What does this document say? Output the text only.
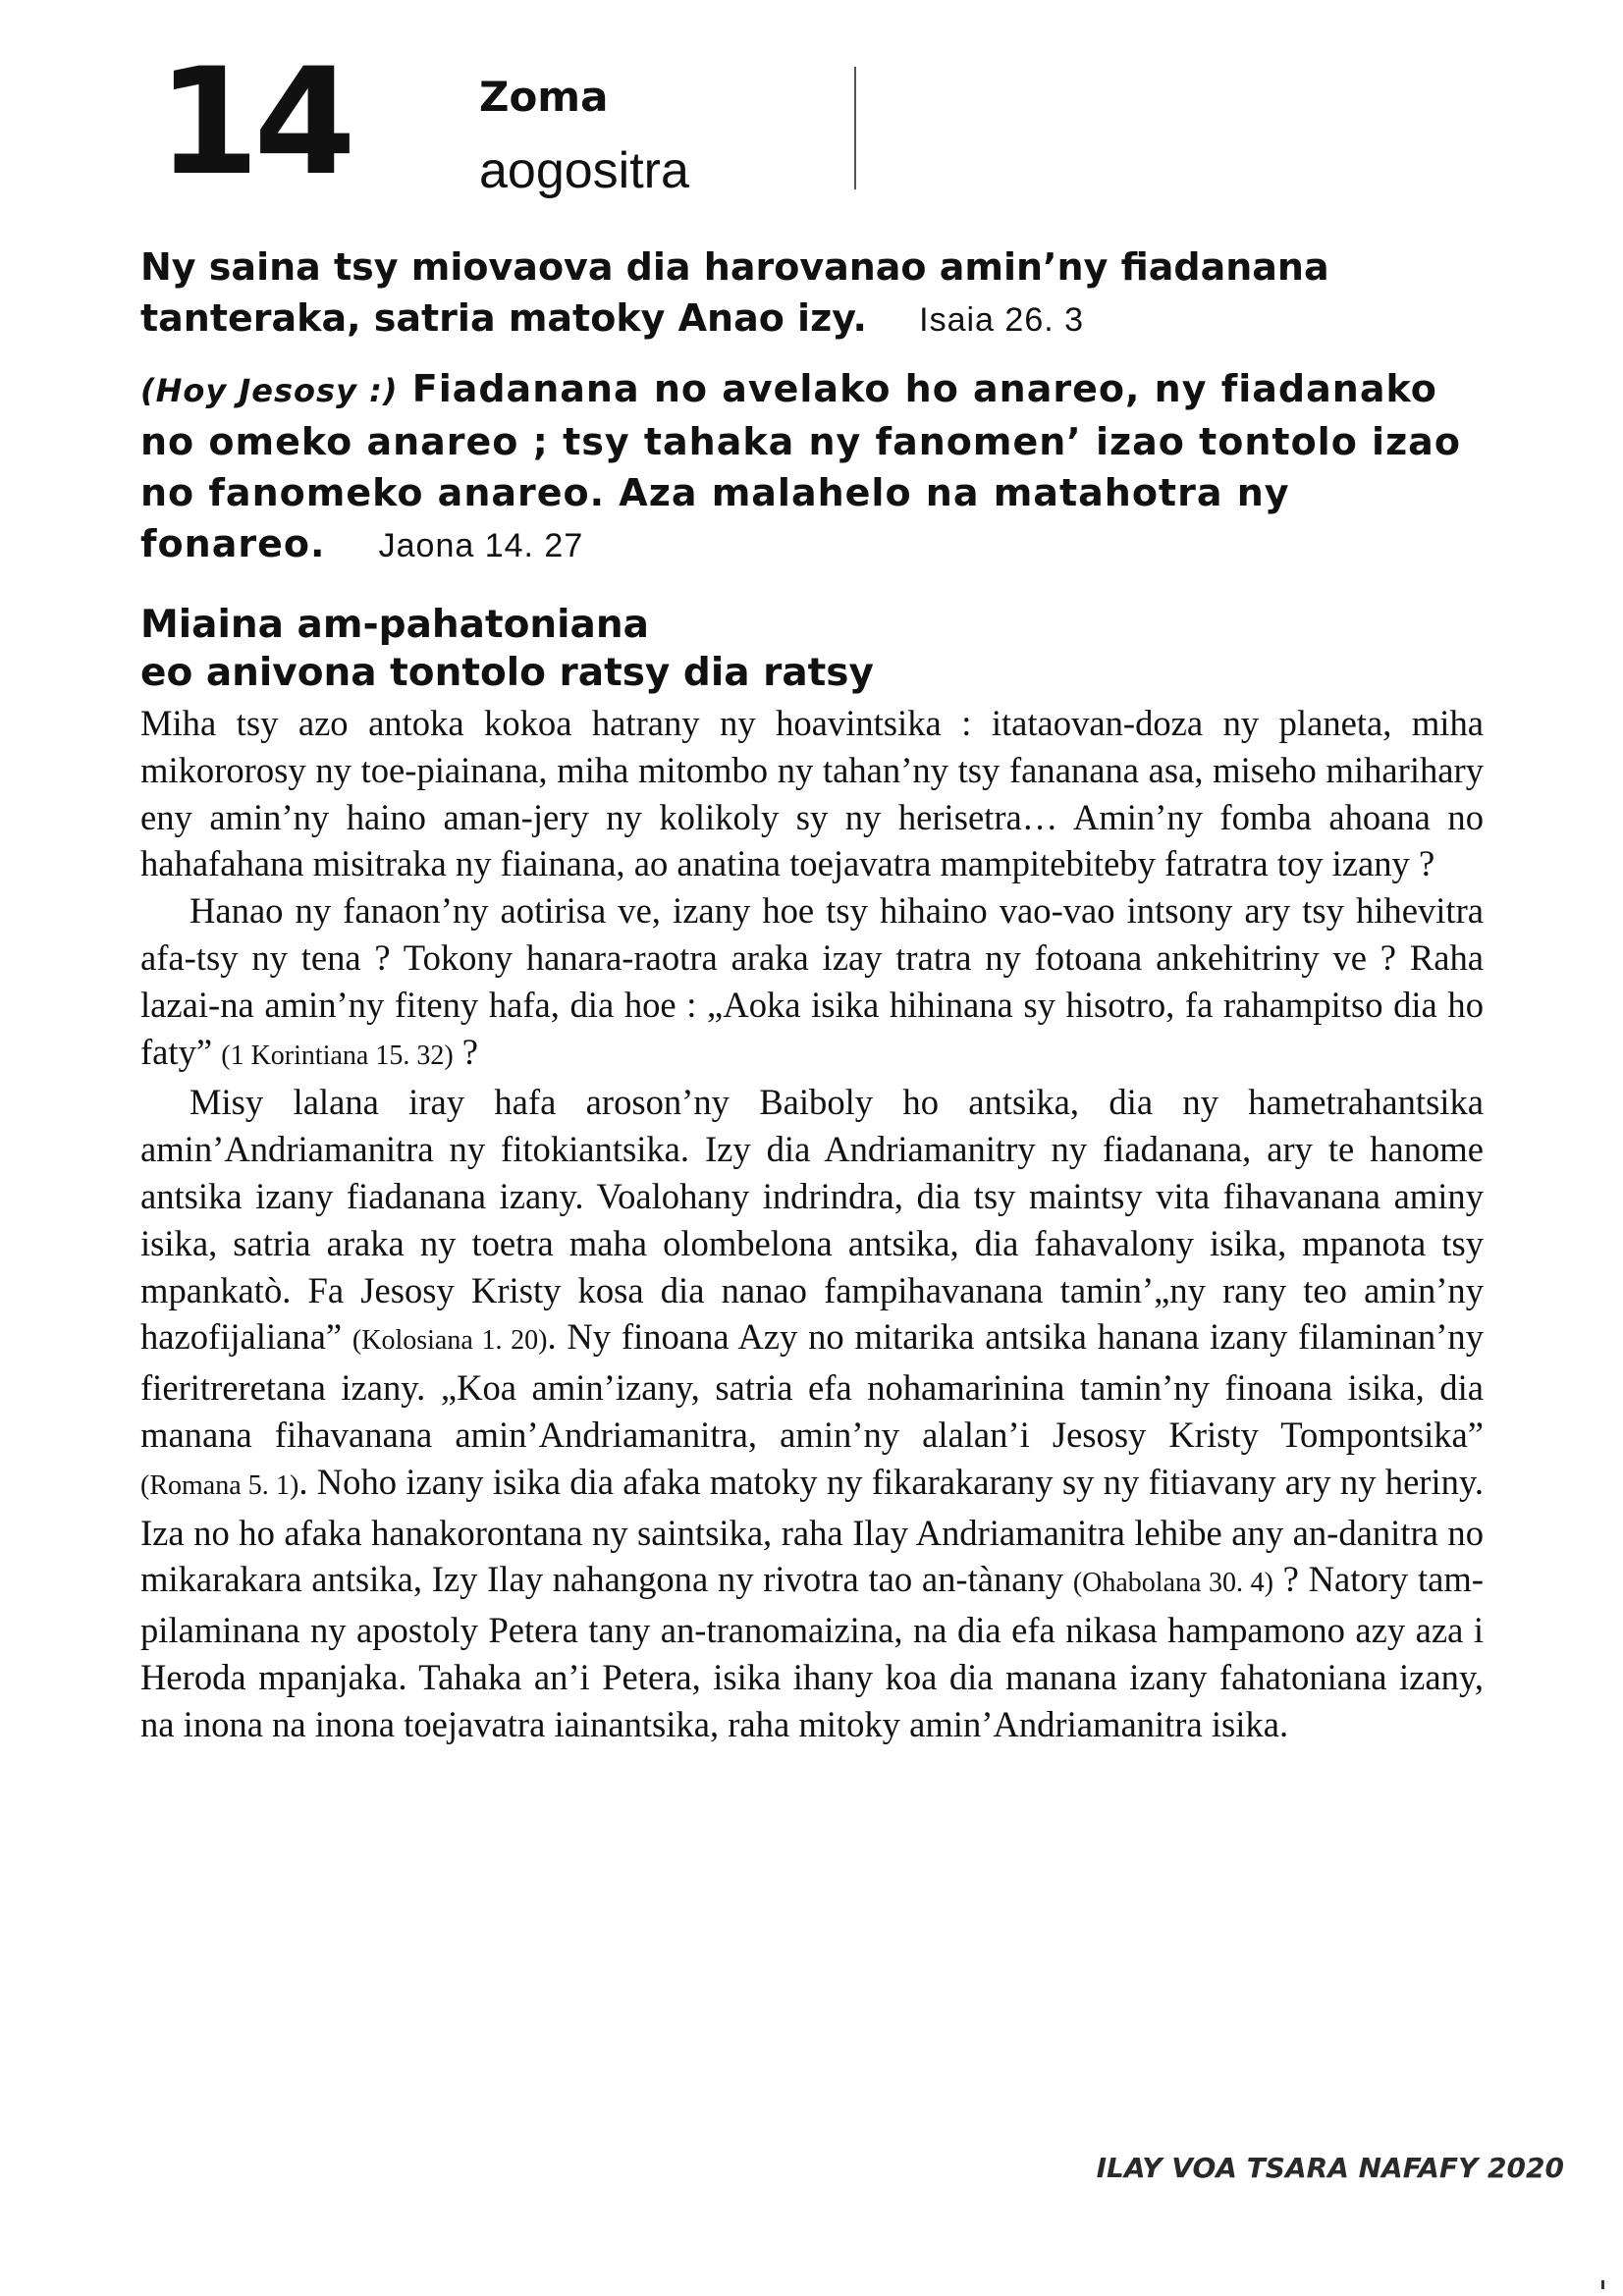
14	Zoma
aogositra
Ny saina tsy miovaova dia harovanao amin’ny fiadanana tanteraka, satria matoky Anao izy. Isaia 26. 3
(Hoy Jesosy :) Fiadanana no avelako ho anareo, ny fiadanako no omeko anareo ; tsy tahaka ny fanomen’ izao tontolo izao no fanomeko anareo. Aza malahelo na matahotra ny fonareo. Jaona 14. 27
Miaina am-pahatoniana
eo anivona tontolo ratsy dia ratsy

Miha tsy azo antoka kokoa hatrany ny hoavintsika : itataovan-doza ny planeta, miha mikororosy ny toe-piainana, miha mitombo ny tahan’ny tsy fananana asa, miseho miharihary eny amin’ny haino aman-jery ny kolikoly sy ny herisetra… Amin’ny fomba ahoana no hahafahana misitraka ny fiainana, ao anatina toejavatra mampitebiteby fatratra toy izany ?

Hanao ny fanaon’ny aotirisa ve, izany hoe tsy hihaino vao-vao intsony ary tsy hihevitra afa-tsy ny tena ? Tokony hanara-raotra araka izay tratra ny fotoana ankehitriny ve ? Raha lazai-na amin’ny fiteny hafa, dia hoe : „Aoka isika hihinana sy hisotro, fa rahampitso dia ho faty” (1 Korintiana 15. 32) ?

Misy lalana iray hafa aroson’ny Baiboly ho antsika, dia ny hametrahantsika amin’Andriamanitra ny fitokiantsika. Izy dia Andriamanitry ny fiadanana, ary te hanome antsika izany fiadanana izany. Voalohany indrindra, dia tsy maintsy vita fihavanana aminy isika, satria araka ny toetra maha olombelona antsika, dia fahavalony isika, mpanota tsy mpankatò. Fa Jesosy Kristy kosa dia nanao fampihavanana tamin’„ny rany teo amin’ny hazofijaliana” (Kolosiana 1. 20). Ny finoana Azy no mitarika antsika hanana izany filaminan’ny fieritreretana izany. „Koa amin’izany, satria efa nohamarinina tamin’ny finoana isika, dia manana fihavanana amin’Andriamanitra, amin’ny alalan’i Jesosy Kristy Tompontsika” (Romana 5. 1). Noho izany isika dia afaka matoky ny fikarakarany sy ny fitiavany ary ny heriny. Iza no ho afaka hanakorontana ny saintsika, raha Ilay Andriamanitra lehibe any an-danitra no mikarakara antsika, Izy Ilay nahangona ny rivotra tao an-tànany (Ohabolana 30. 4) ? Natory tam-pilaminana ny apostoly Petera tany an-tranomaizina, na dia efa nikasa hampamono azy aza i Heroda mpanjaka. Tahaka an’i Petera, isika ihany koa dia manana izany fahatoniana izany, na inona na inona toejavatra iainantsika, raha mitoky amin’Andriamanitra isika.

ILAY VOA TSARA NAFAFY 2020
